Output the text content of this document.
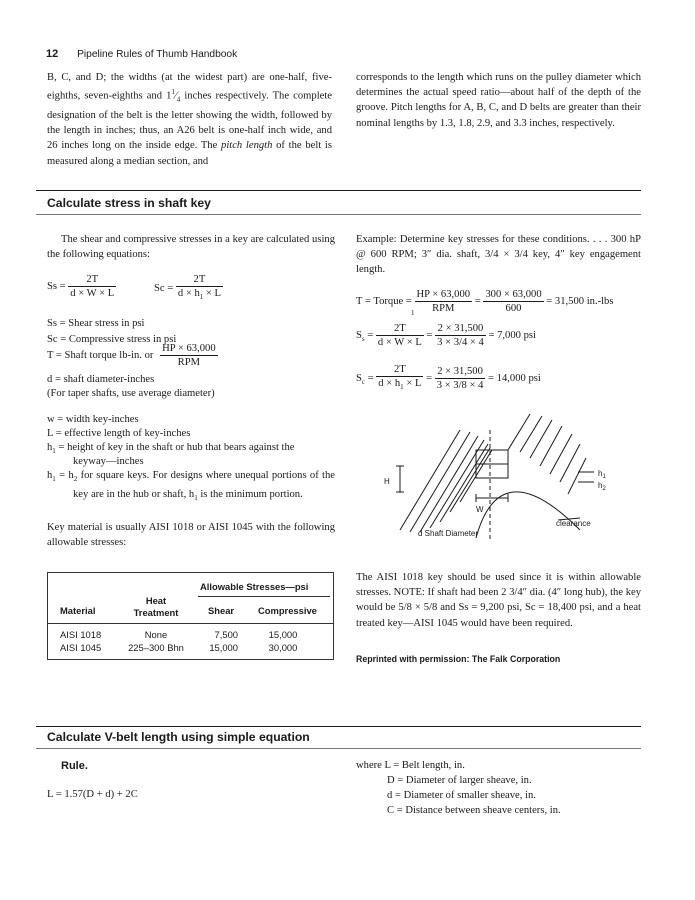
12 Pipeline Rules of Thumb Handbook
B, C, and D; the widths (at the widest part) are one-half, five-eighths, seven-eighths and $1^1⁄_4$ inches respectively. The complete designation of the belt is the letter showing the width, followed by the length in inches; thus, an A26 belt is one-half inch wide, and 26 inches long on the inside edge. The pitch length of the belt is measured along a median section, and
corresponds to the length which runs on the pulley diameter which determines the actual speed ratio—about half of the depth of the groove. Pitch lengths for A, B, C, and D belts are greater than their nominal lengths by 1.3, 1.8, 2.9, and 3.3 inches, respectively.
Calculate stress in shaft key
The shear and compressive stresses in a key are calculated using the following equations:
$Ss = \frac{2T}{d \times W \times L}$	$Sc = \frac{2T}{d \times h_1 \times L}$
Ss = Shear stress in psi
Sc = Compressive stress in psi
T = Shaft torque lb-in. or $\frac{HP \times 63,000}{\text{RPM}}$
d = shaft diameter-inches
(For taper shafts, use average diameter)
w = width key-inches
L = effective length of key-inches
$h_1$ = height of key in the shaft or hub that bears against the
keyway—inches
$h_1 = h_2$ for square keys. For designs where unequal portions of the key are in the hub or shaft, $h_1$ is the minimum portion.
Key material is usually AISI 1018 or AISI 1045 with the following allowable stresses:
Allowable Stresses—psi
Material
Heat Treatment	Shear	Compressive
AISI 1018	None	7,500	15,000
AISI 1045	225–300 Bhn	15,000	30,000
Example: Determine key stresses for these conditions. . . . 300 hP @ 600 RPM; 3″ dia. shaft, 3/4 × 3/4 key, 4″ key engagement length.
T = Torque = $\frac{HP \times 63,000}{\text{RPM}} = \frac{300 \times 63,000}{600} = 31,500$ in.-lbs
1
$S_s = \frac{2T}{d \times W \times L} = \frac{2 \times 31,500}{3 \times 3/4 \times 4} = 7,000$ psi
$S_c = \frac{2T}{d \times h_1 \times L} = \frac{2 \times 31,500}{3 \times 3/8 \times 4} = 14,000$ psi
H
$h_1$
$h_2$
W
clearance
d Shaft Diameter
The AISI 1018 key should be used since it is within allowable stresses. NOTE: If shaft had been 2 3/4″ dia. (4″ long hub), the key would be 5/8 × 5/8 and Ss = 9,200 psi, Sc = 18,400 psi, and a heat treated key—AISI 1045 would have been required.
Reprinted with permission: The Falk Corporation
Calculate V-belt length using simple equation
Rule.
L = 1.57(D + d) + 2C
where L = Belt length, in.
D = Diameter of larger sheave, in.
d = Diameter of smaller sheave, in.
C = Distance between sheave centers, in.
